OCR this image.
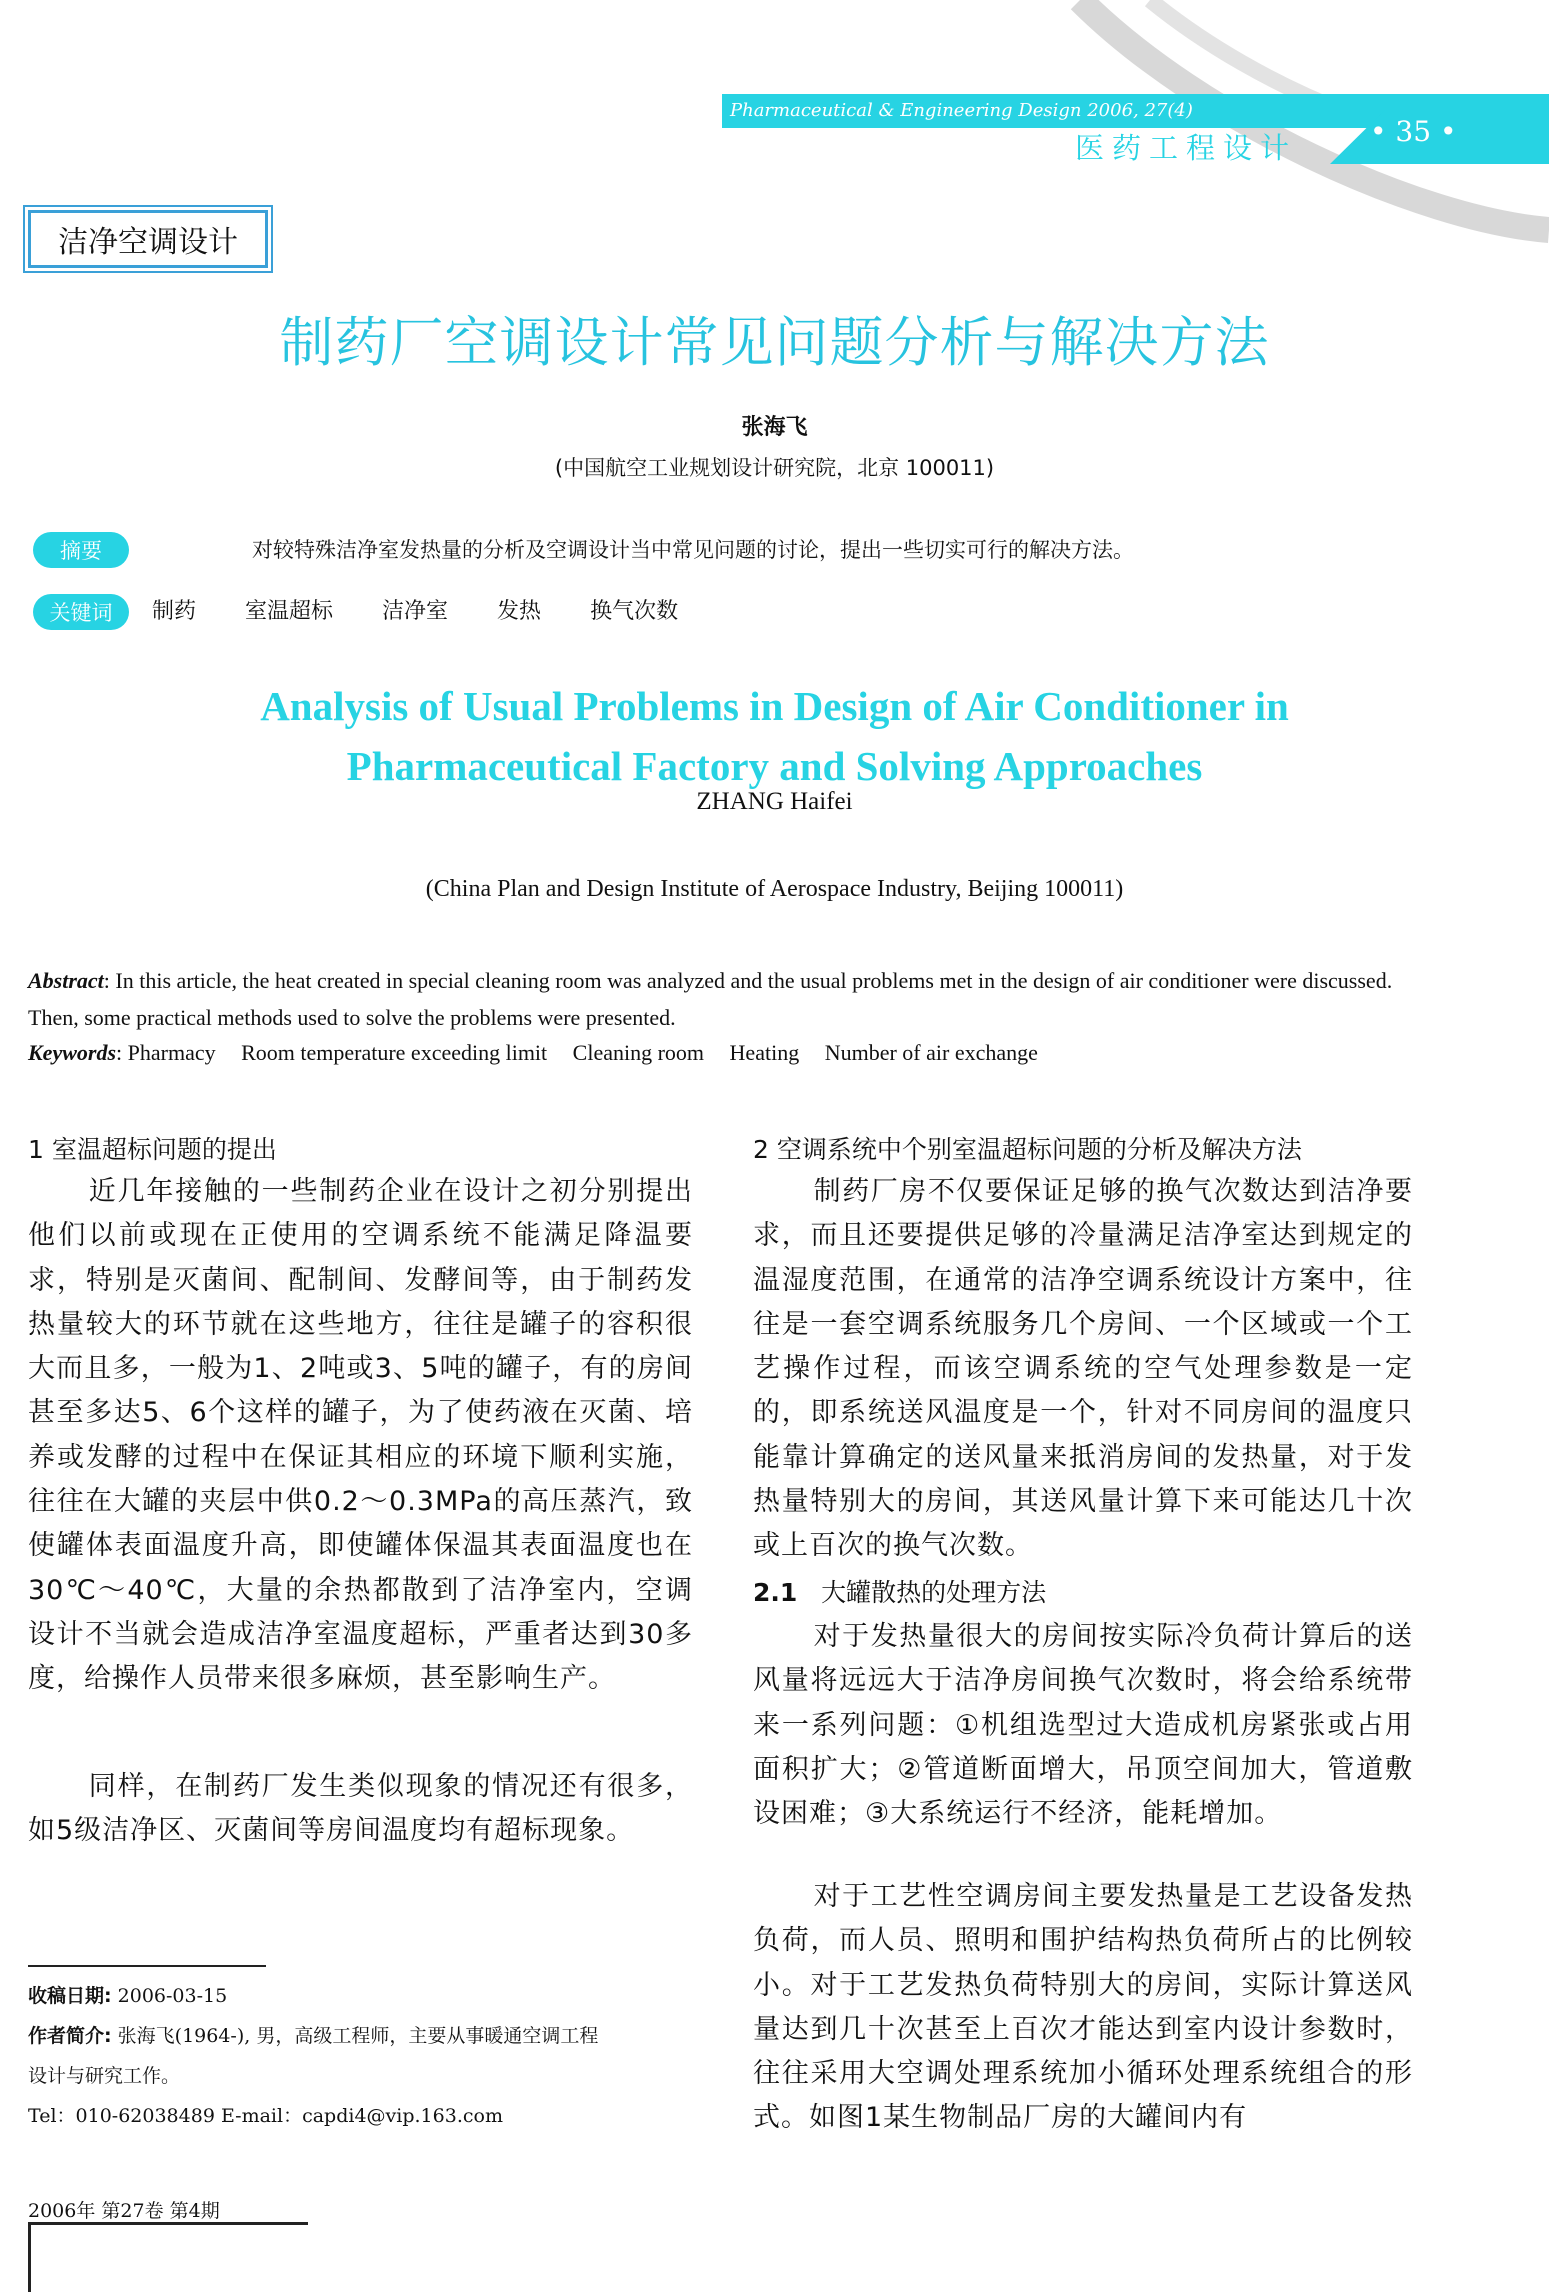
Pharmaceutical & Engineering Design 2006, 27(4)
• 35 •
医药工程设计
洁净空调设计
制药厂空调设计常见问题分析与解决方法
张海飞
(中国航空工业规划设计研究院，北京 100011)
摘要	对较特殊洁净室发热量的分析及空调设计当中常见问题的讨论，提出一些切实可行的解决方法。
关键词	制药 室温超标 洁净室 发热 换气次数
Analysis of Usual Problems in Design of Air Conditioner in
Pharmaceutical Factory and Solving Approaches
ZHANG Haifei
(China Plan and Design Institute of Aerospace Industry, Beijing 100011)
Abstract: In this article, the heat created in special cleaning room was analyzed and the usual problems met in the design of air conditioner were discussed. Then, some practical methods used to solve the problems were presented.
Keywords: Pharmacy Room temperature exceeding limit Cleaning room Heating Number of air exchange
1 室温超标问题的提出
近几年接触的一些制药企业在设计之初分别提出他们以前或现在正使用的空调系统不能满足降温要求，特别是灭菌间、配制间、发酵间等，由于制药发热量较大的环节就在这些地方，往往是罐子的容积很大而且多，一般为1、2吨或3、5吨的罐子，有的房间甚至多达5、6个这样的罐子，为了使药液在灭菌、培养或发酵的过程中在保证其相应的环境下顺利实施，往往在大罐的夹层中供0.2～0.3MPa的高压蒸汽，致使罐体表面温度升高，即使罐体保温其表面温度也在30℃～40℃，大量的余热都散到了洁净室内，空调设计不当就会造成洁净室温度超标，严重者达到30多度，给操作人员带来很多麻烦，甚至影响生产。
同样，在制药厂发生类似现象的情况还有很多，如5级洁净区、灭菌间等房间温度均有超标现象。
收稿日期: 2006-03-15
作者简介: 张海飞(1964-), 男，高级工程师，主要从事暖通空调工程
设计与研究工作。
Tel：010-62038489 E-mail：capdi4@vip.163.com
2 空调系统中个别室温超标问题的分析及解决方法
制药厂房不仅要保证足够的换气次数达到洁净要求，而且还要提供足够的冷量满足洁净室达到规定的温湿度范围，在通常的洁净空调系统设计方案中，往往是一套空调系统服务几个房间、一个区域或一个工艺操作过程，而该空调系统的空气处理参数是一定的，即系统送风温度是一个，针对不同房间的温度只能靠计算确定的送风量来抵消房间的发热量，对于发热量特别大的房间，其送风量计算下来可能达几十次或上百次的换气次数。
2.1 大罐散热的处理方法
对于发热量很大的房间按实际冷负荷计算后的送风量将远远大于洁净房间换气次数时，将会给系统带来一系列问题：①机组选型过大造成机房紧张或占用面积扩大；②管道断面增大，吊顶空间加大，管道敷设困难；③大系统运行不经济，能耗增加。
对于工艺性空调房间主要发热量是工艺设备发热负荷，而人员、照明和围护结构热负荷所占的比例较小。对于工艺发热负荷特别大的房间，实际计算送风量达到几十次甚至上百次才能达到室内设计参数时，往往采用大空调处理系统加小循环处理系统组合的形式。如图1某生物制品厂房的大罐间内有
2006年 第27卷 第4期
